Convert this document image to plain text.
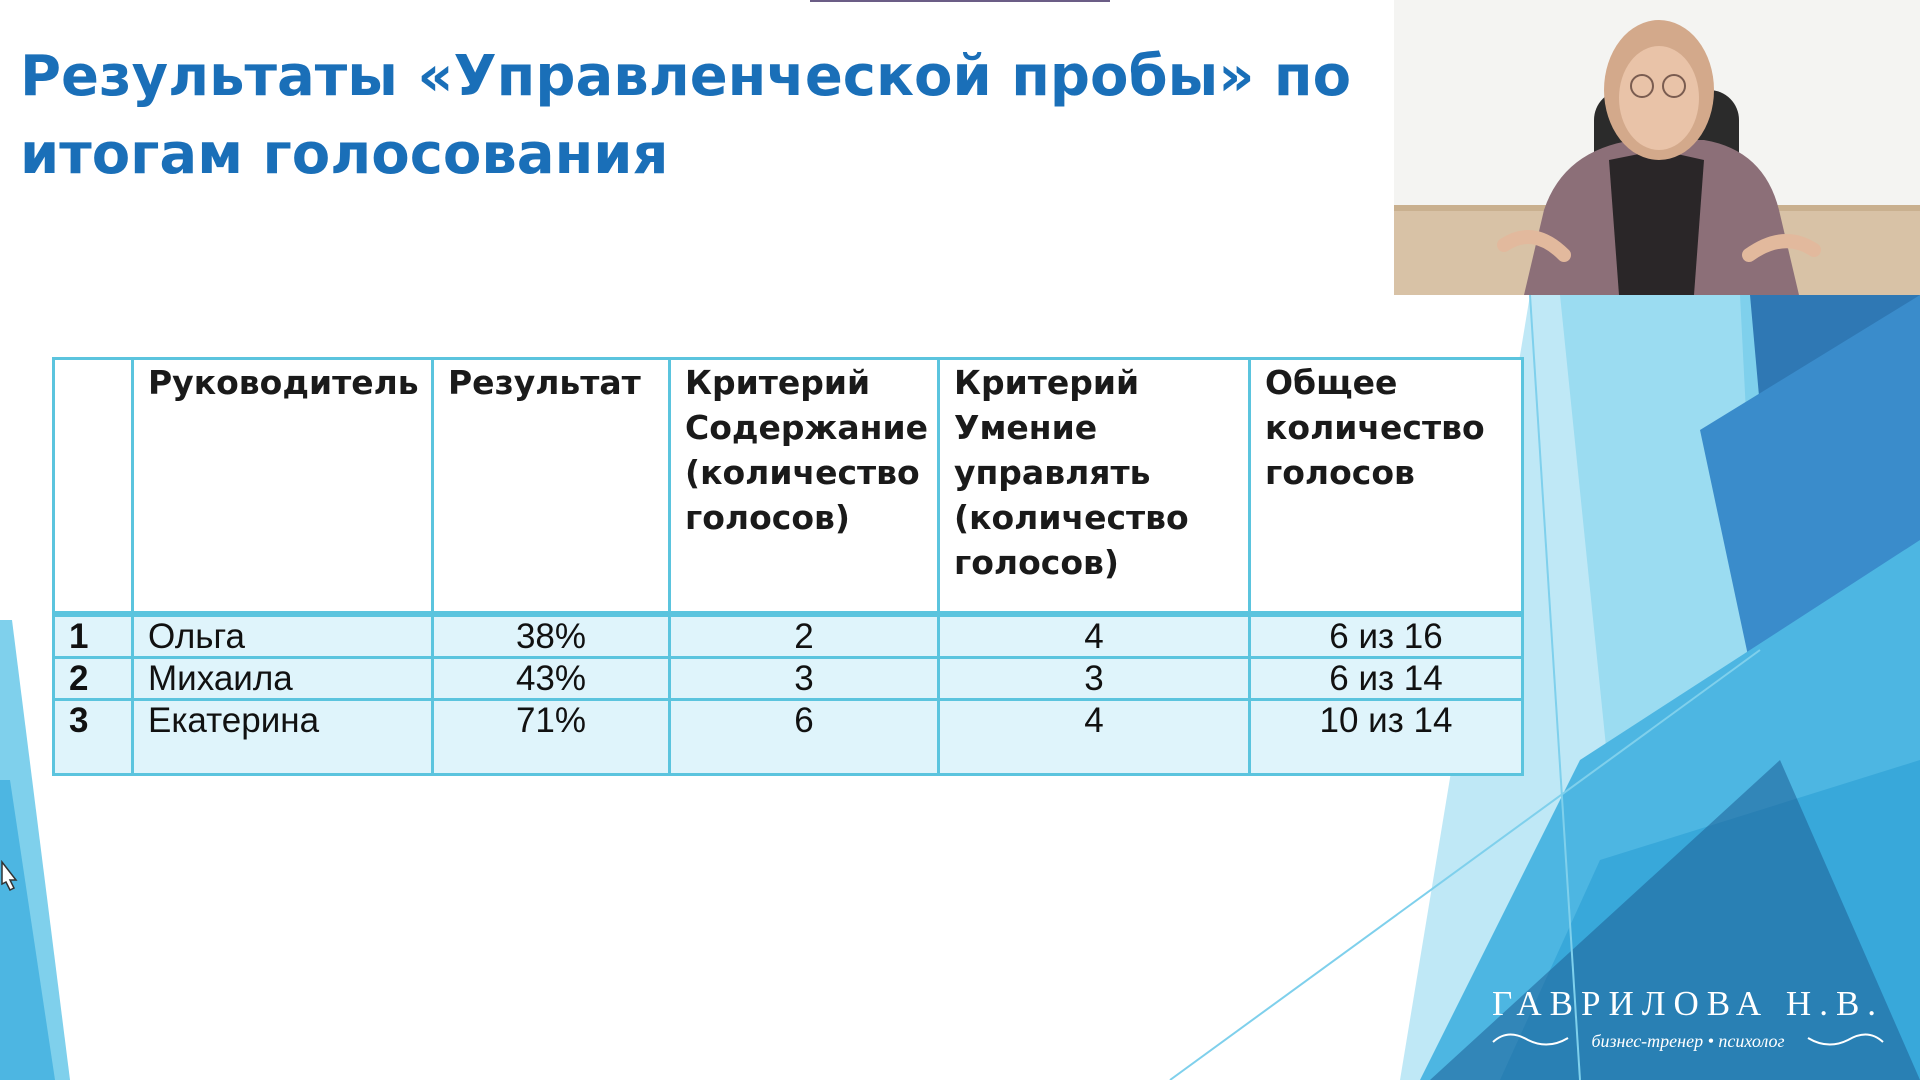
Результаты «Управленческой пробы» по
итогам голосования
	Руководитель	Результат	Критерий Содержание (количество голосов)	Критерий Умение управлять (количество голосов)	Общее количество голосов
1	Ольга	38%	2	4	6 из 16
2	Михаила	43%	3	3	6 из 14
3	Екатерина	71%	6	4	10 из 14
ГАВРИЛОВА Н.В.
бизнес-тренер • психолог
